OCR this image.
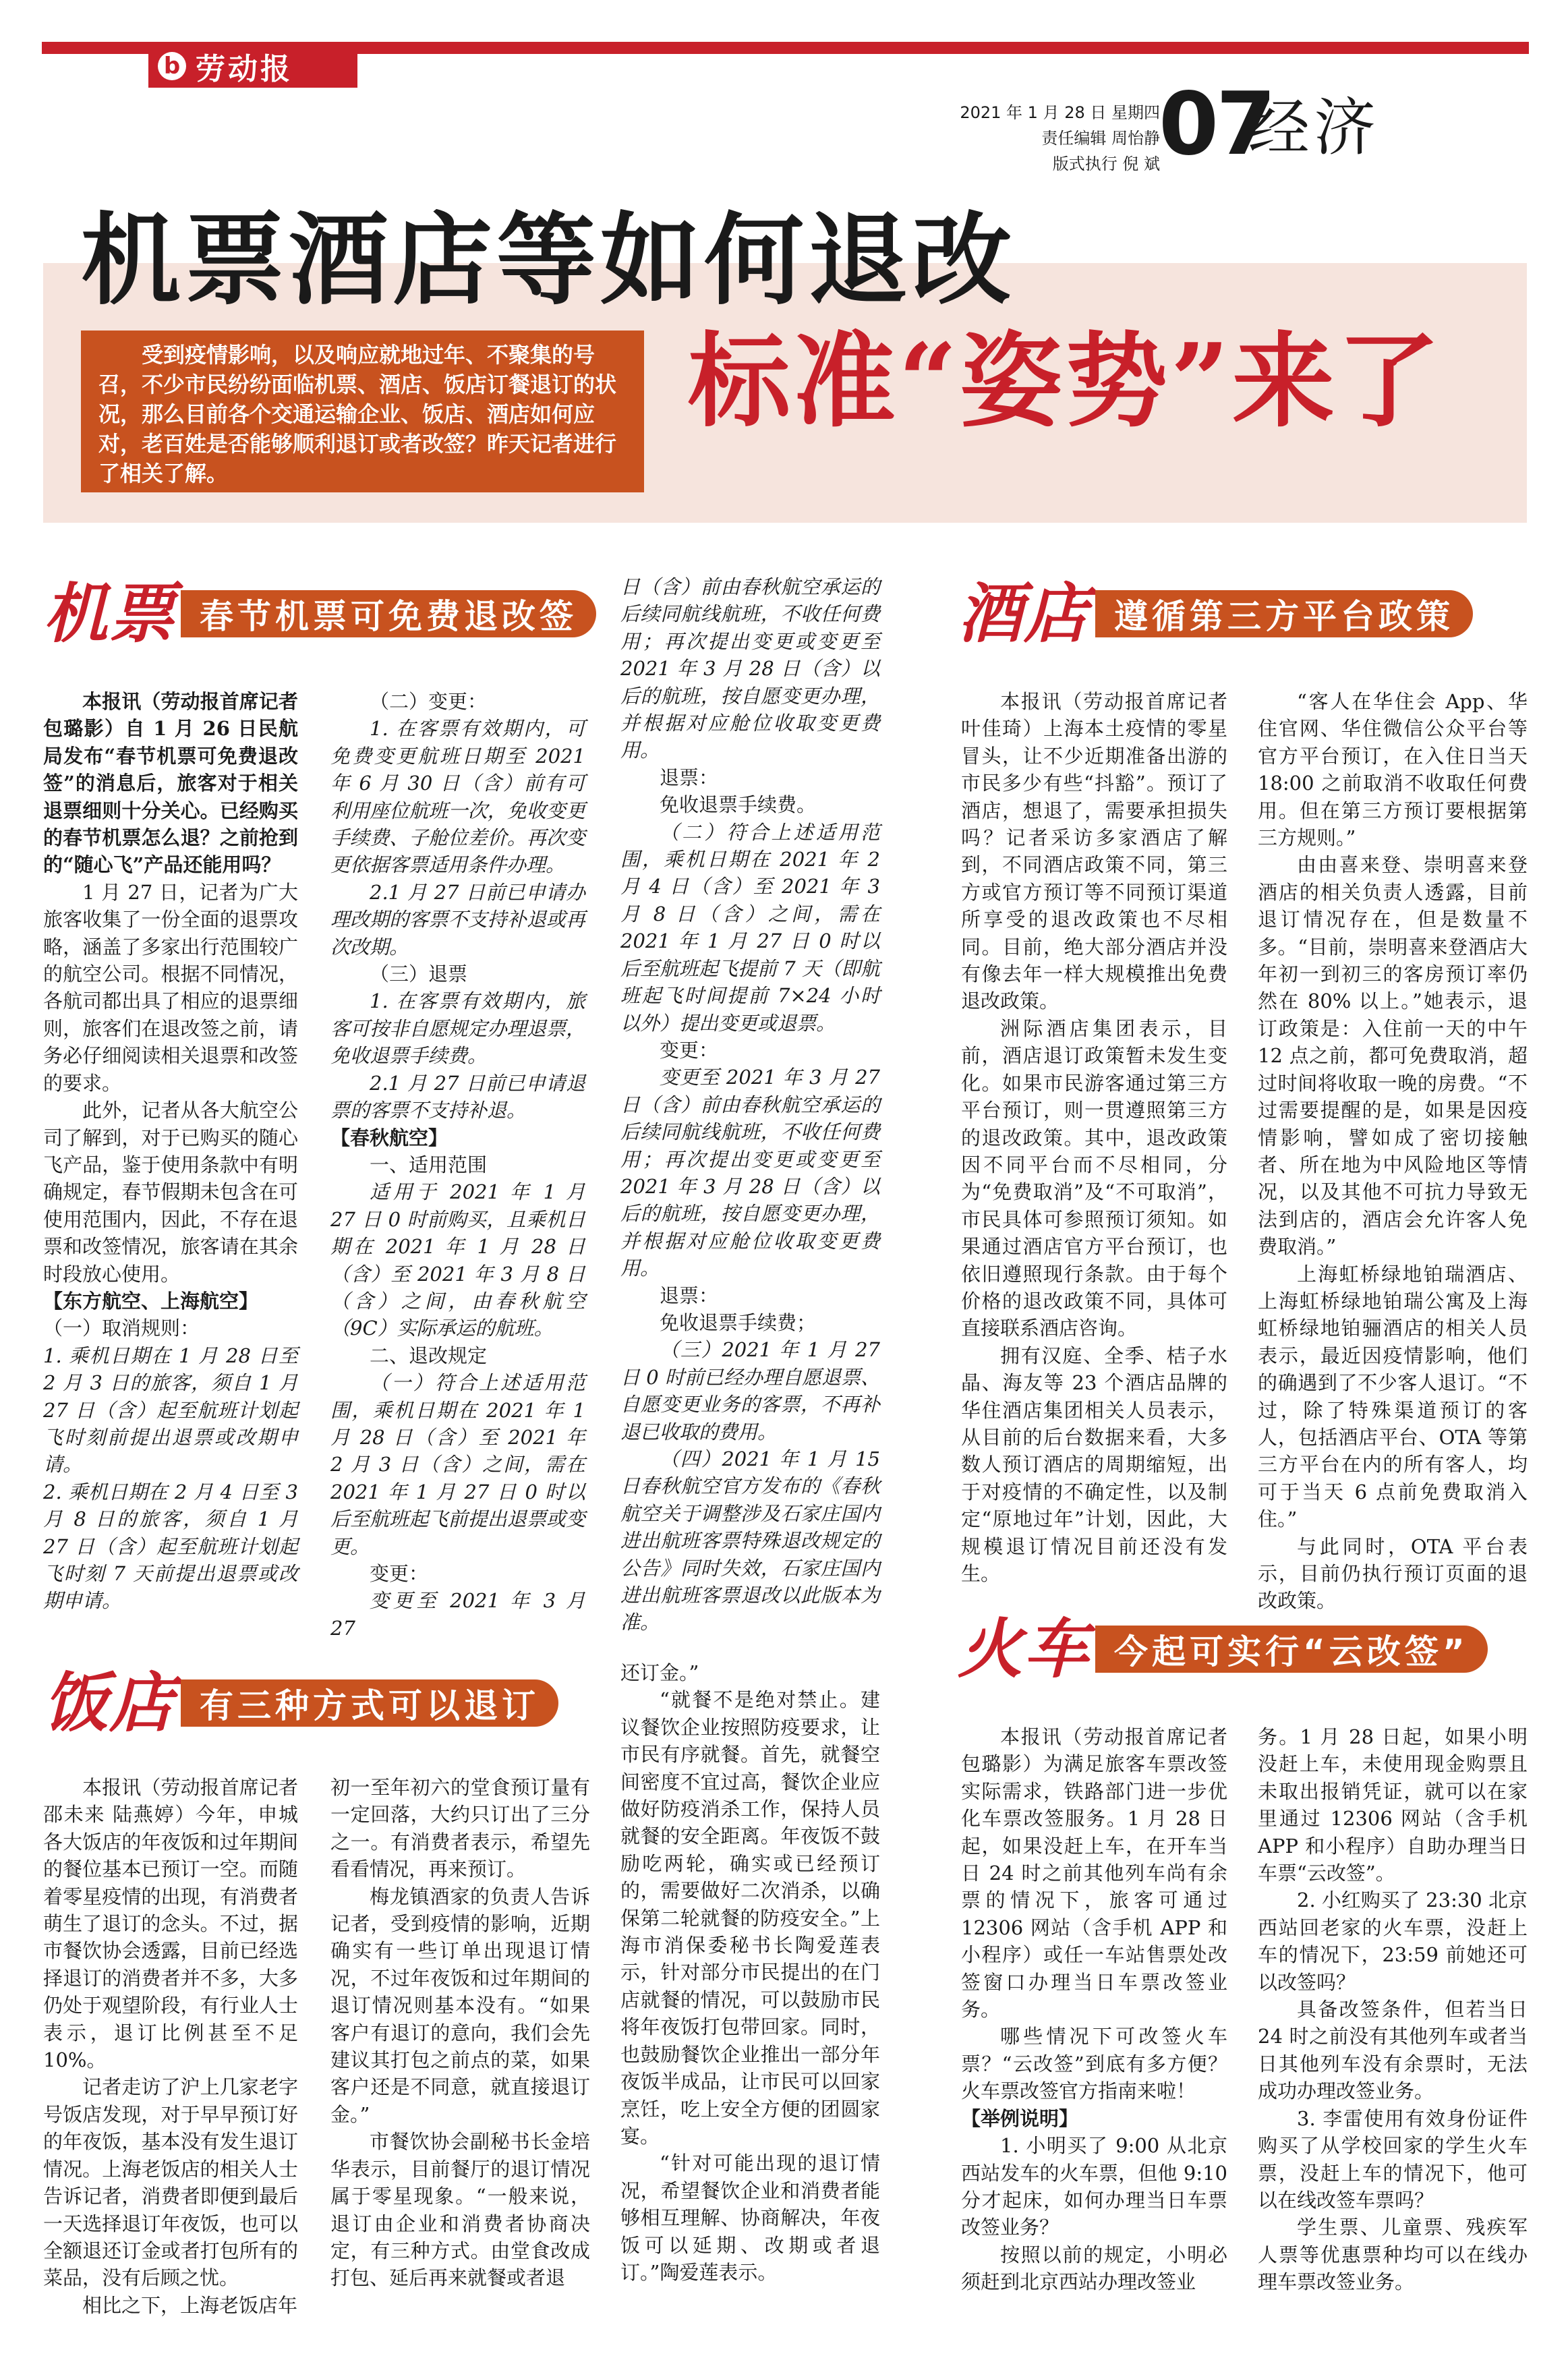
b 劳动报
2021 年 1 月 28 日 星期四
责任编辑 周怡静
版式执行 倪 斌
07
经济
机票酒店等如何退改
标准“姿势”来了
受到疫情影响，以及响应就地过年、不聚集的号召，不少市民纷纷面临机票、酒店、饭店订餐退订的状况，那么目前各个交通运输企业、饭店、酒店如何应对，老百姓是否能够顺利退订或者改签？昨天记者进行了相关了解。
机票 春节机票可免费退改签

本报讯（劳动报首席记者 包璐影）自 1 月 26 日民航局发布“春节机票可免费退改签”的消息后，旅客对于相关退票细则十分关心。已经购买的春节机票怎么退？之前抢到的“随心飞”产品还能用吗？

1 月 27 日，记者为广大旅客收集了一份全面的退票攻略，涵盖了多家出行范围较广的航空公司。根据不同情况，各航司都出具了相应的退票细则，旅客们在退改签之前，请务必仔细阅读相关退票和改签的要求。

此外，记者从各大航空公司了解到，对于已购买的随心飞产品，鉴于使用条款中有明确规定，春节假期未包含在可使用范围内，因此，不存在退票和改签情况，旅客请在其余时段放心使用。

【东方航空、上海航空】

（一）取消规则：

1. 乘机日期在 1 月 28 日至 2 月 3 日的旅客，须自 1 月 27 日（含）起至航班计划起飞时刻前提出退票或改期申请。

2. 乘机日期在 2 月 4 日至 3 月 8 日的旅客，须自 1 月 27 日（含）起至航班计划起飞时刻 7 天前提出退票或改期申请。

（二）变更：

1. 在客票有效期内，可免费变更航班日期至 2021 年 6 月 30 日（含）前有可利用座位航班一次，免收变更手续费、子舱位差价。再次变更依据客票适用条件办理。

2.1 月 27 日前已申请办理改期的客票不支持补退或再次改期。

（三）退票

1. 在客票有效期内，旅客可按非自愿规定办理退票，免收退票手续费。

2.1 月 27 日前已申请退票的客票不支持补退。

【春秋航空】

一、适用范围

适用于 2021 年 1 月 27 日 0 时前购买，且乘机日期在 2021 年 1 月 28 日（含）至 2021 年 3 月 8 日（含）之间，由春秋航空（9C）实际承运的航班。

二、退改规定

（一）符合上述适用范围，乘机日期在 2021 年 1 月 28 日（含）至 2021 年 2 月 3 日（含）之间，需在 2021 年 1 月 27 日 0 时以后至航班起飞前提出退票或变更。

变更：

变更至 2021 年 3 月 27

日（含）前由春秋航空承运的后续同航线航班，不收任何费用；再次提出变更或变更至 2021 年 3 月 28 日（含）以后的航班，按自愿变更办理，并根据对应舱位收取变更费用。

退票：

免收退票手续费。

（二）符合上述适用范围，乘机日期在 2021 年 2 月 4 日（含）至 2021 年 3 月 8 日（含）之间，需在 2021 年 1 月 27 日 0 时以后至航班起飞提前 7 天（即航班起飞时间提前 7×24 小时以外）提出变更或退票。

变更：

变更至 2021 年 3 月 27 日（含）前由春秋航空承运的后续同航线航班，不收任何费用；再次提出变更或变更至 2021 年 3 月 28 日（含）以后的航班，按自愿变更办理，并根据对应舱位收取变更费用。

退票：

免收退票手续费；

（三）2021 年 1 月 27 日 0 时前已经办理自愿退票、自愿变更业务的客票，不再补退已收取的费用。

（四）2021 年 1 月 15 日春秋航空官方发布的《春秋航空关于调整涉及石家庄国内进出航班客票特殊退改规定的公告》同时失效，石家庄国内进出航班客票退改以此版本为准。

酒店 遵循第三方平台政策

本报讯（劳动报首席记者 叶佳琦）上海本土疫情的零星冒头，让不少近期准备出游的市民多少有些“抖豁”。预订了酒店，想退了，需要承担损失吗？记者采访多家酒店了解到，不同酒店政策不同，第三方或官方预订等不同预订渠道所享受的退改政策也不尽相同。目前，绝大部分酒店并没有像去年一样大规模推出免费退改政策。

洲际酒店集团表示，目前，酒店退订政策暂未发生变化。如果市民游客通过第三方平台预订，则一贯遵照第三方的退改政策。其中，退改政策因不同平台而不尽相同，分为“免费取消”及“不可取消”，市民具体可参照预订须知。如果通过酒店官方平台预订，也依旧遵照现行条款。由于每个价格的退改政策不同，具体可直接联系酒店咨询。

拥有汉庭、全季、桔子水晶、海友等 23 个酒店品牌的华住酒店集团相关人员表示，从目前的后台数据来看，大多数人预订酒店的周期缩短，出于对疫情的不确定性，以及制定“原地过年”计划，因此，大规模退订情况目前还没有发生。

“客人在华住会 App、华住官网、华住微信公众平台等官方平台预订，在入住日当天 18:00 之前取消不收取任何费用。但在第三方预订要根据第三方规则。”

由由喜来登、崇明喜来登酒店的相关负责人透露，目前退订情况存在，但是数量不多。“目前，崇明喜来登酒店大年初一到初三的客房预订率仍然在 80% 以上。”她表示，退订政策是：入住前一天的中午 12 点之前，都可免费取消，超过时间将收取一晚的房费。“不过需要提醒的是，如果是因疫情影响，譬如成了密切接触者、所在地为中风险地区等情况，以及其他不可抗力导致无法到店的，酒店会允许客人免费取消。”

上海虹桥绿地铂瑞酒店、上海虹桥绿地铂瑞公寓及上海虹桥绿地铂骊酒店的相关人员表示，最近因疫情影响，他们的确遇到了不少客人退订。“不过，除了特殊渠道预订的客人，包括酒店平台、OTA 等第三方平台在内的所有客人，均可于当天 6 点前免费取消入住。”

与此同时，OTA 平台表示，目前仍执行预订页面的退改政策。

饭店 有三种方式可以退订

本报讯（劳动报首席记者 邵未来 陆燕婷）今年，申城各大饭店的年夜饭和过年期间的餐位基本已预订一空。而随着零星疫情的出现，有消费者萌生了退订的念头。不过，据市餐饮协会透露，目前已经选择退订的消费者并不多，大多仍处于观望阶段，有行业人士表示，退订比例甚至不足 10%。

记者走访了沪上几家老字号饭店发现，对于早早预订好的年夜饭，基本没有发生退订情况。上海老饭店的相关人士告诉记者，消费者即便到最后一天选择退订年夜饭，也可以全额退还订金或者打包所有的菜品，没有后顾之忧。

相比之下，上海老饭店年

初一至年初六的堂食预订量有一定回落，大约只订出了三分之一。有消费者表示，希望先看看情况，再来预订。

梅龙镇酒家的负责人告诉记者，受到疫情的影响，近期确实有一些订单出现退订情况，不过年夜饭和过年期间的退订情况则基本没有。“如果客户有退订的意向，我们会先建议其打包之前点的菜，如果客户还是不同意，就直接退订金。”

市餐饮协会副秘书长金培华表示，目前餐厅的退订情况属于零星现象。“一般来说，退订由企业和消费者协商决定，有三种方式。由堂食改成打包、延后再来就餐或者退

还订金。”

“就餐不是绝对禁止。建议餐饮企业按照防疫要求，让市民有序就餐。首先，就餐空间密度不宜过高，餐饮企业应做好防疫消杀工作，保持人员就餐的安全距离。年夜饭不鼓励吃两轮，确实或已经预订的，需要做好二次消杀，以确保第二轮就餐的防疫安全。”上海市消保委秘书长陶爱莲表示，针对部分市民提出的在门店就餐的情况，可以鼓励市民将年夜饭打包带回家。同时，也鼓励餐饮企业推出一部分年夜饭半成品，让市民可以回家烹饪，吃上安全方便的团圆家宴。

“针对可能出现的退订情况，希望餐饮企业和消费者能够相互理解、协商解决，年夜饭可以延期、改期或者退订。”陶爱莲表示。

火车 今起可实行“云改签”

本报讯（劳动报首席记者 包璐影）为满足旅客车票改签实际需求，铁路部门进一步优化车票改签服务。1 月 28 日起，如果没赶上车，在开车当日 24 时之前其他列车尚有余票的情况下，旅客可通过 12306 网站（含手机 APP 和小程序）或任一车站售票处改签窗口办理当日车票改签业务。

哪些情况下可改签火车票？“云改签”到底有多方便？火车票改签官方指南来啦！

【举例说明】

1. 小明买了 9:00 从北京西站发车的火车票，但他 9:10 分才起床，如何办理当日车票改签业务？

按照以前的规定，小明必须赶到北京西站办理改签业

务。1 月 28 日起，如果小明没赶上车，未使用现金购票且未取出报销凭证，就可以在家里通过 12306 网站（含手机 APP 和小程序）自助办理当日车票“云改签”。

2. 小红购买了 23:30 北京西站回老家的火车票，没赶上车的情况下，23:59 前她还可以改签吗？

具备改签条件，但若当日 24 时之前没有其他列车或者当日其他列车没有余票时，无法成功办理改签业务。

3. 李雷使用有效身份证件购买了从学校回家的学生火车票，没赶上车的情况下，他可以在线改签车票吗？

学生票、儿童票、残疾军人票等优惠票种均可以在线办理车票改签业务。
